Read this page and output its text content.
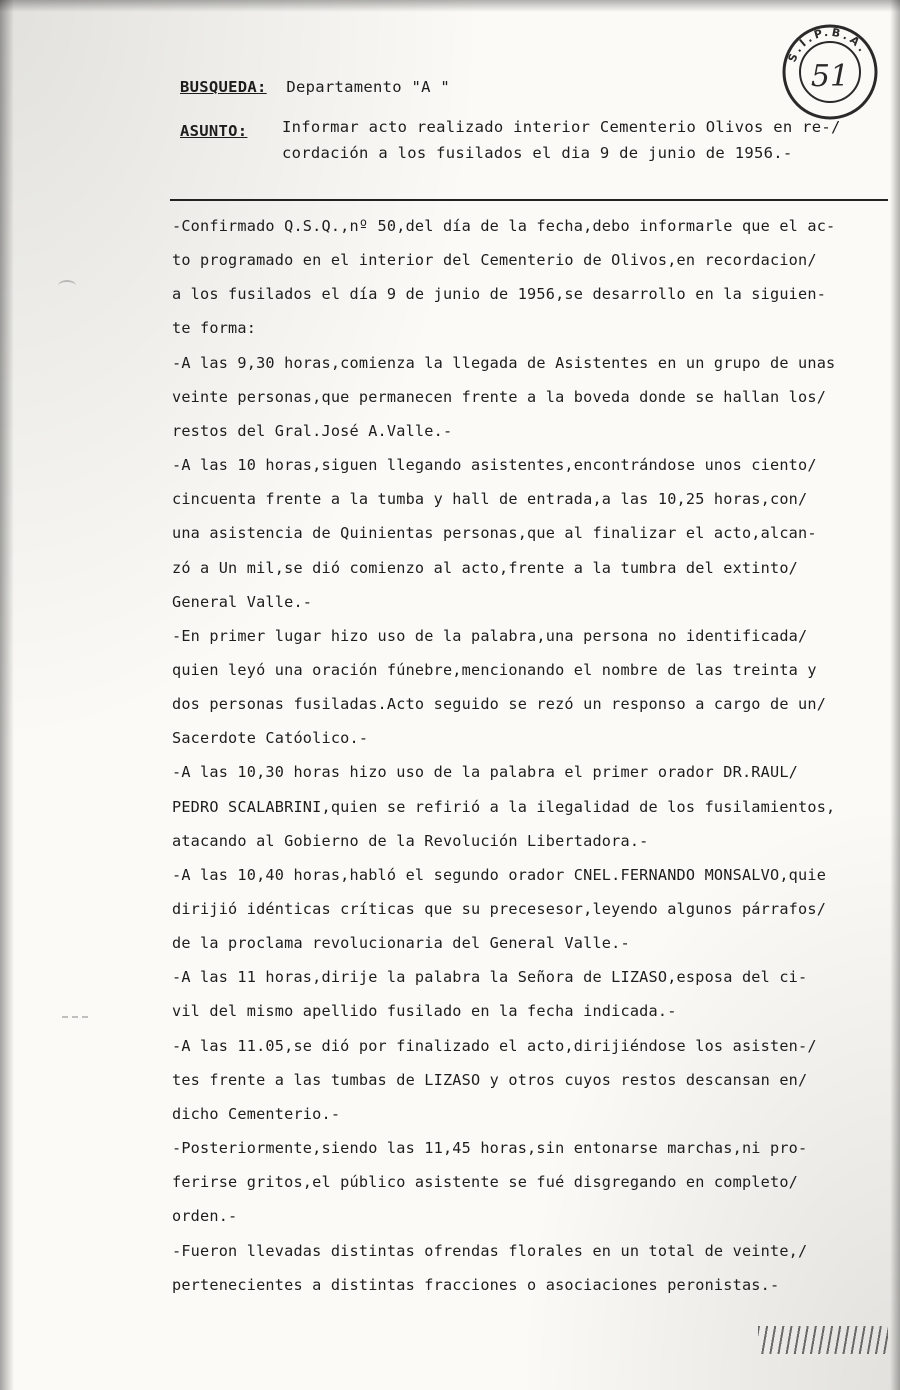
BUSQUEDA: Departamento "A "
ASUNTO: Informar acto realizado interior Cementerio Olivos en re-/
cordación a los fusilados el dia 9 de junio de 1956.-
S.I.P.B.A.
51
-Confirmado Q.S.Q.,nº 50,del día de la fecha,debo informarle que el ac-
to programado en el interior del Cementerio de Olivos,en recordacion/
a los fusilados el día 9 de junio de 1956,se desarrollo en la siguien-
te forma:
-A las 9,30 horas,comienza la llegada de Asistentes en un grupo de unas
veinte personas,que permanecen frente a la boveda donde se hallan los/
restos del Gral.José A.Valle.-
-A las 10 horas,siguen llegando asistentes,encontrándose unos ciento/
cincuenta frente a la tumba y hall de entrada,a las 10,25 horas,con/
una asistencia de Quinientas personas,que al finalizar el acto,alcan-
zó a Un mil,se dió comienzo al acto,frente a la tumbra del extinto/
General Valle.-
-En primer lugar hizo uso de la palabra,una persona no identificada/
quien leyó una oración fúnebre,mencionando el nombre de las treinta y
dos personas fusiladas.Acto seguido se rezó un responso a cargo de un/
Sacerdote Catóolico.-
-A las 10,30 horas hizo uso de la palabra el primer orador DR.RAUL/
PEDRO SCALABRINI,quien se refirió a la ilegalidad de los fusilamientos,
atacando al Gobierno de la Revolución Libertadora.-
-A las 10,40 horas,habló el segundo orador CNEL.FERNANDO MONSALVO,quie
dirijió idénticas críticas que su precesesor,leyendo algunos párrafos/
de la proclama revolucionaria del General Valle.-
-A las 11 horas,dirije la palabra la Señora de LIZASO,esposa del ci-
vil del mismo apellido fusilado en la fecha indicada.-
-A las 11.05,se dió por finalizado el acto,dirijiéndose los asisten-/
tes frente a las tumbas de LIZASO y otros cuyos restos descansan en/
dicho Cementerio.-
-Posteriormente,siendo las 11,45 horas,sin entonarse marchas,ni pro-
ferirse gritos,el público asistente se fué disgregando en completo/
orden.-
-Fueron llevadas distintas ofrendas florales en un total de veinte,/
pertenecientes a distintas fracciones o asociaciones peronistas.-
